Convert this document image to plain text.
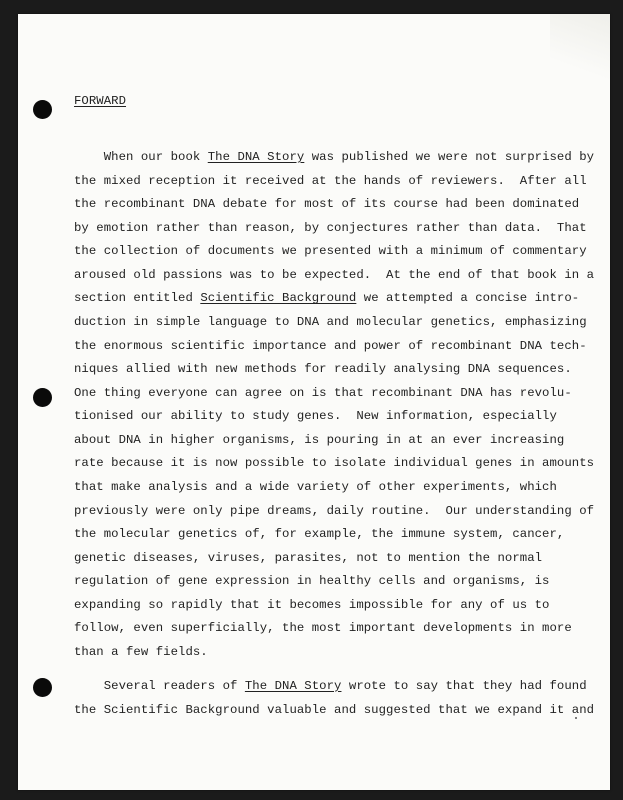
FORWARD
When our book The DNA Story was published we were not surprised by
the mixed reception it received at the hands of reviewers.  After all
the recombinant DNA debate for most of its course had been dominated
by emotion rather than reason, by conjectures rather than data.  That
the collection of documents we presented with a minimum of commentary
aroused old passions was to be expected.  At the end of that book in a
section entitled Scientific Background we attempted a concise intro-
duction in simple language to DNA and molecular genetics, emphasizing
the enormous scientific importance and power of recombinant DNA tech-
niques allied with new methods for readily analysing DNA sequences.
One thing everyone can agree on is that recombinant DNA has revolu-
tionised our ability to study genes.  New information, especially
about DNA in higher organisms, is pouring in at an ever increasing
rate because it is now possible to isolate individual genes in amounts
that make analysis and a wide variety of other experiments, which
previously were only pipe dreams, daily routine.  Our understanding of
the molecular genetics of, for example, the immune system, cancer,
genetic diseases, viruses, parasites, not to mention the normal
regulation of gene expression in healthy cells and organisms, is
expanding so rapidly that it becomes impossible for any of us to
follow, even superficially, the most important developments in more
than a few fields.
Several readers of The DNA Story wrote to say that they had found
the Scientific Background valuable and suggested that we expand it and
